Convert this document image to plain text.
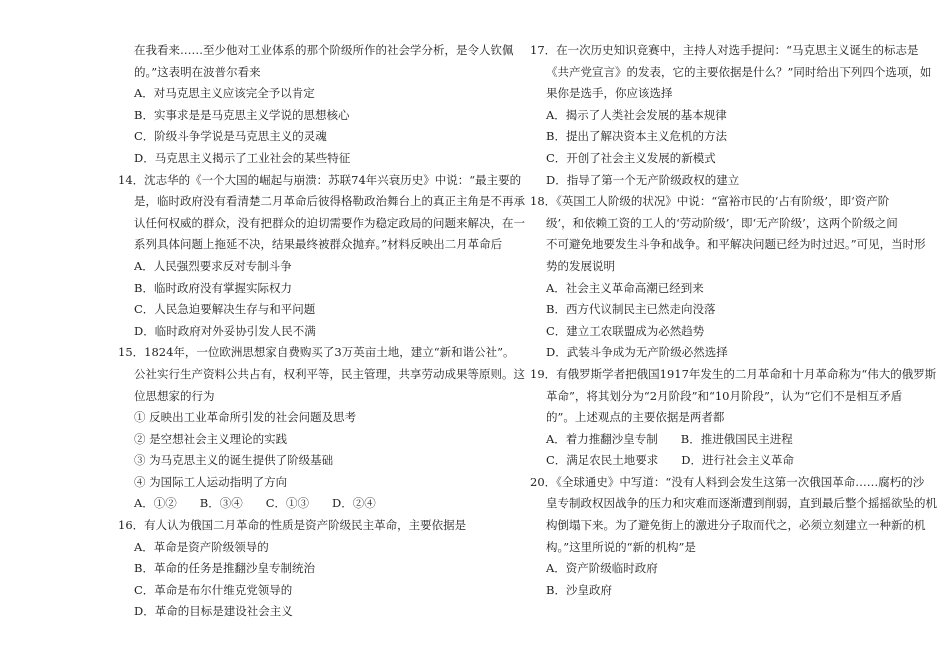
在我看来……至少他对工业体系的那个阶级所作的社会学分析，是令人钦佩
的。”这表明在波普尔看来
A．对马克思主义应该完全予以肯定
B．实事求是是马克思主义学说的思想核心
C．阶级斗争学说是马克思主义的灵魂
D．马克思主义揭示了工业社会的某些特征
14．沈志华的《一个大国的崛起与崩溃：苏联74年兴衰历史》中说：“最主要的
是，临时政府没有看清楚二月革命后彼得格勒政治舞台上的真正主角是不再承
认任何权威的群众，没有把群众的迫切需要作为稳定政局的问题来解决，在一
系列具体问题上拖延不决，结果最终被群众抛弃。”材料反映出二月革命后
A．人民强烈要求反对专制斗争
B．临时政府没有掌握实际权力
C．人民急迫要解决生存与和平问题
D．临时政府对外妥协引发人民不满
15．1824年，一位欧洲思想家自费购买了3万英亩土地，建立“新和谐公社”。
公社实行生产资料公共占有，权利平等，民主管理，共享劳动成果等原则。这
位思想家的行为
① 反映出工业革命所引发的社会问题及思考
② 是空想社会主义理论的实践
③ 为马克思主义的诞生提供了阶级基础
④ 为国际工人运动指明了方向
A．①②　　B．③④　　C．①③　　D．②④
16．有人认为俄国二月革命的性质是资产阶级民主革命，主要依据是
A．革命是资产阶级领导的
B．革命的任务是推翻沙皇专制统治
C．革命是布尔什维克党领导的
D．革命的目标是建设社会主义
17．在一次历史知识竞赛中，主持人对选手提问：“马克思主义诞生的标志是
《共产党宣言》的发表，它的主要依据是什么？”同时给出下列四个选项，如
果你是选手，你应该选择
A．揭示了人类社会发展的基本规律
B．提出了解决资本主义危机的方法
C．开创了社会主义发展的新模式
D．指导了第一个无产阶级政权的建立
18．《英国工人阶级的状况》中说：“富裕市民的‘占有阶级’，即‘资产阶
级’，和依赖工资的工人的‘劳动阶级’，即‘无产阶级’，这两个阶级之间
不可避免地要发生斗争和战争。和平解决问题已经为时过迟。”可见，当时形
势的发展说明
A．社会主义革命高潮已经到来
B．西方代议制民主已然走向没落
C．建立工农联盟成为必然趋势
D．武装斗争成为无产阶级必然选择
19．有俄罗斯学者把俄国1917年发生的二月革命和十月革命称为“伟大的俄罗斯
革命”，将其划分为“2月阶段”和“10月阶段”，认为“它们不是相互矛盾
的”。上述观点的主要依据是两者都
A．着力推翻沙皇专制　　B．推进俄国民主进程
C．满足农民土地要求　　D．进行社会主义革命
20．《全球通史》中写道：“没有人料到会发生这第一次俄国革命……腐朽的沙
皇专制政权因战争的压力和灾难而逐渐遭到削弱，直到最后整个摇摇欲坠的机
构倒塌下来。为了避免街上的激进分子取而代之，必须立刻建立一种新的机
构。”这里所说的“新的机构”是
A．资产阶级临时政府
B．沙皇政府
